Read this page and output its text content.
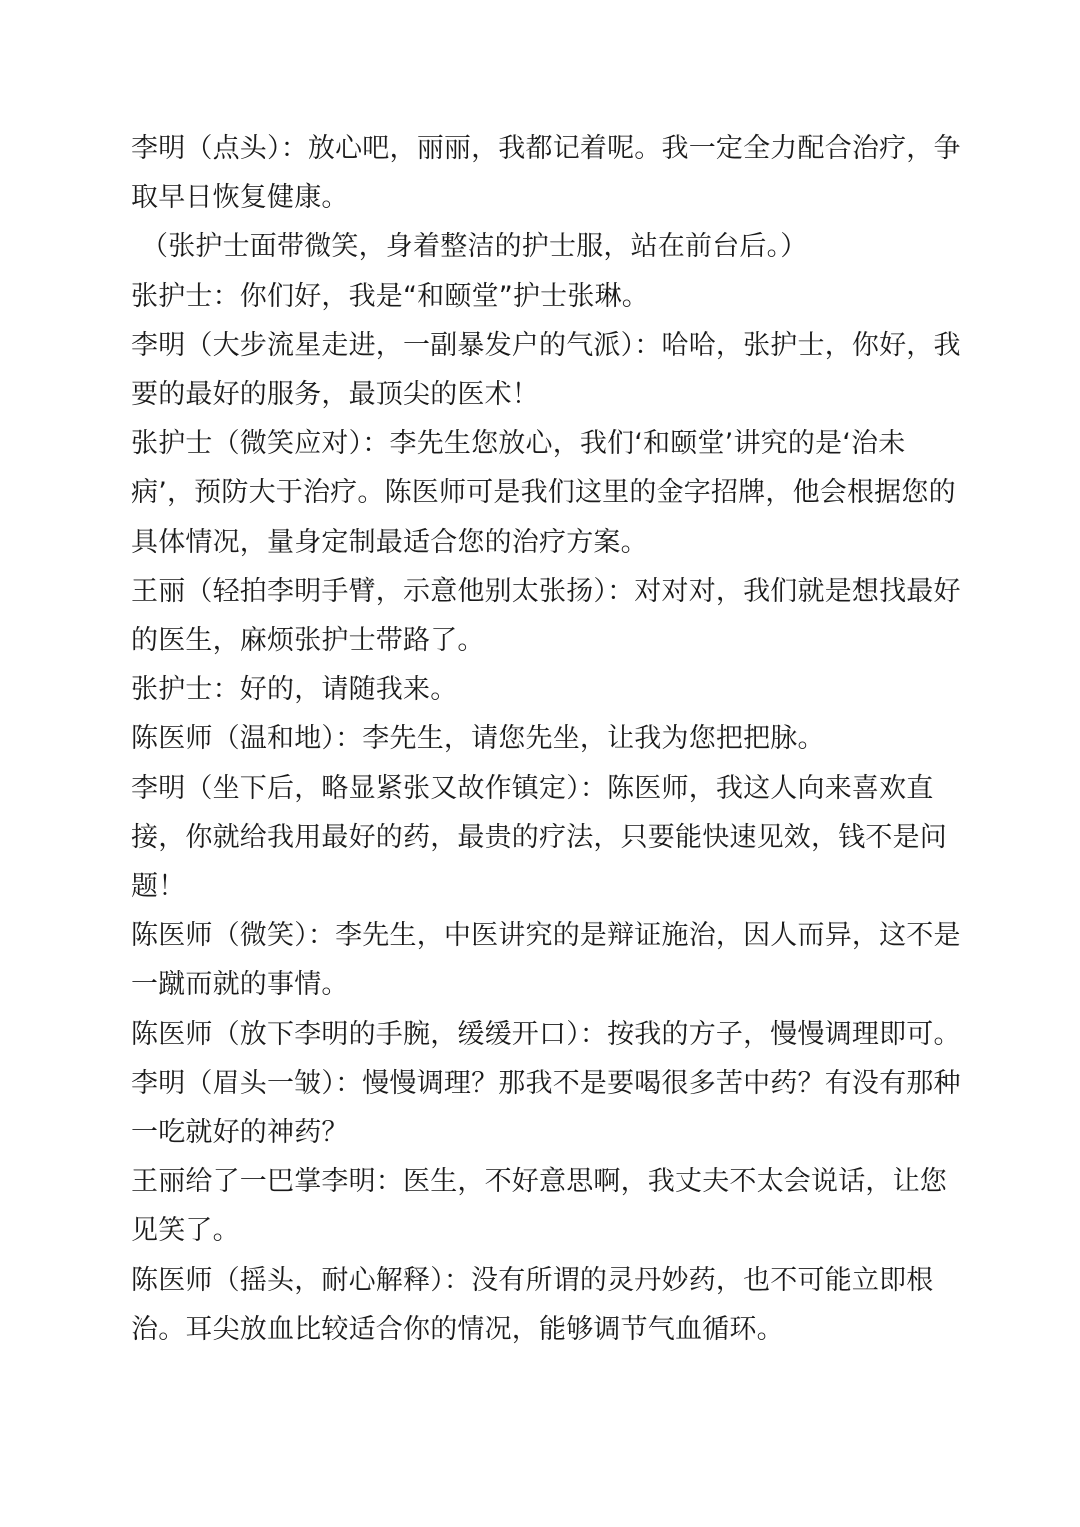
李明（点头）：放心吧，丽丽，我都记着呢。我一定全力配合治疗，争取早日恢复健康。

（张护士面带微笑，身着整洁的护士服，站在前台后。）

张护士：你们好，我是“和颐堂”护士张琳。

李明（大步流星走进，一副暴发户的气派）：哈哈，张护士，你好，我要的最好的服务，最顶尖的医术！

张护士（微笑应对）：李先生您放心，我们‘和颐堂’讲究的是‘治未病’，预防大于治疗。陈医师可是我们这里的金字招牌，他会根据您的具体情况，量身定制最适合您的治疗方案。

王丽（轻拍李明手臂，示意他别太张扬）：对对对，我们就是想找最好的医生，麻烦张护士带路了。

张护士：好的，请随我来。

陈医师（温和地）：李先生，请您先坐，让我为您把把脉。

李明（坐下后，略显紧张又故作镇定）：陈医师，我这人向来喜欢直接，你就给我用最好的药，最贵的疗法，只要能快速见效，钱不是问题！

陈医师（微笑）：李先生，中医讲究的是辩证施治，因人而异，这不是一蹴而就的事情。

陈医师（放下李明的手腕，缓缓开口）：按我的方子，慢慢调理即可。

李明（眉头一皱）：慢慢调理？那我不是要喝很多苦中药？有没有那种一吃就好的神药？

王丽给了一巴掌李明：医生，不好意思啊，我丈夫不太会说话，让您见笑了。

陈医师（摇头，耐心解释）：没有所谓的灵丹妙药，也不可能立即根治。耳尖放血比较适合你的情况，能够调节气血循环。
